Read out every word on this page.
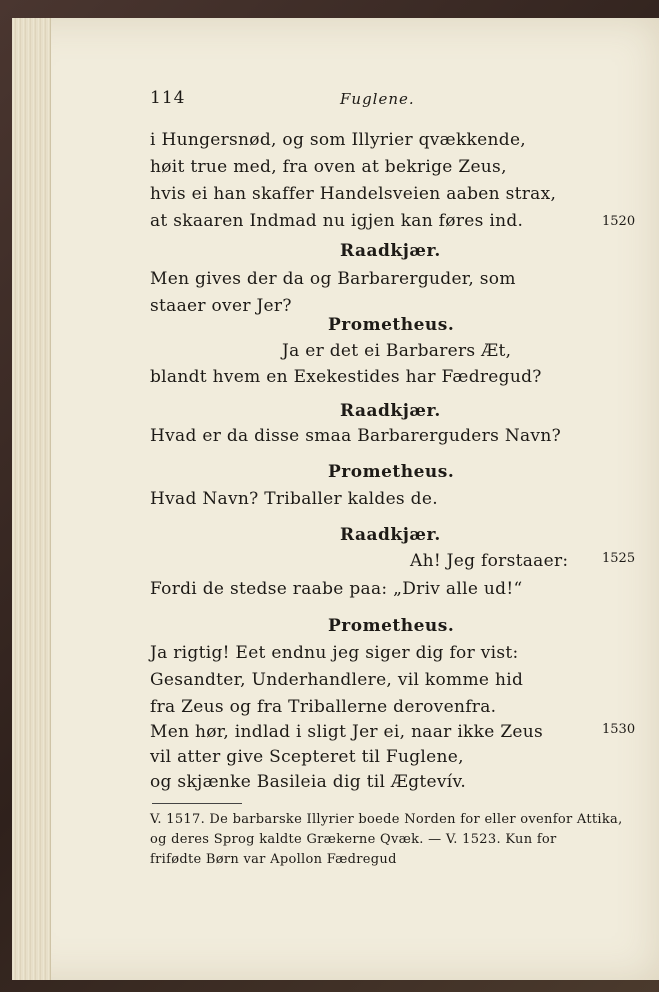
114	Fuglene.
i Hungersnød, og som Illyrier qvækkende,
høit true med, fra oven at bekrige Zeus,
hvis ei han skaffer Handelsveien aaben strax,
at skaaren Indmad nu igjen kan føres ind.	1520
Raadkjær.
Men gives der da og Barbarerguder, som
staaer over Jer?
Prometheus.
Ja er det ei Barbarers Æt,
blandt hvem en Exekestides har Fædregud?
Raadkjær.
Hvad er da disse smaa Barbarerguders Navn?
Prometheus.
Hvad Navn? Triballer kaldes de.
Raadkjær.
Ah! Jeg forstaaer:	1525
Fordi de stedse raabe paa: „Driv alle ud!“
Prometheus.
Ja rigtig! Eet endnu jeg siger dig for vist:
Gesandter, Underhandlere, vil komme hid
fra Zeus og fra Triballerne derovenfra.
Men hør, indlad i sligt Jer ei, naar ikke Zeus	1530
vil atter give Scepteret til Fuglene,
og skjænke Basileia dig til Ægtevív.
V. 1517. De barbarske Illyrier boede Norden for eller ovenfor Attika,
og deres Sprog kaldte Grækerne Qvæk. — V. 1523. Kun for
frifødte Børn var Apollon Fædregud
